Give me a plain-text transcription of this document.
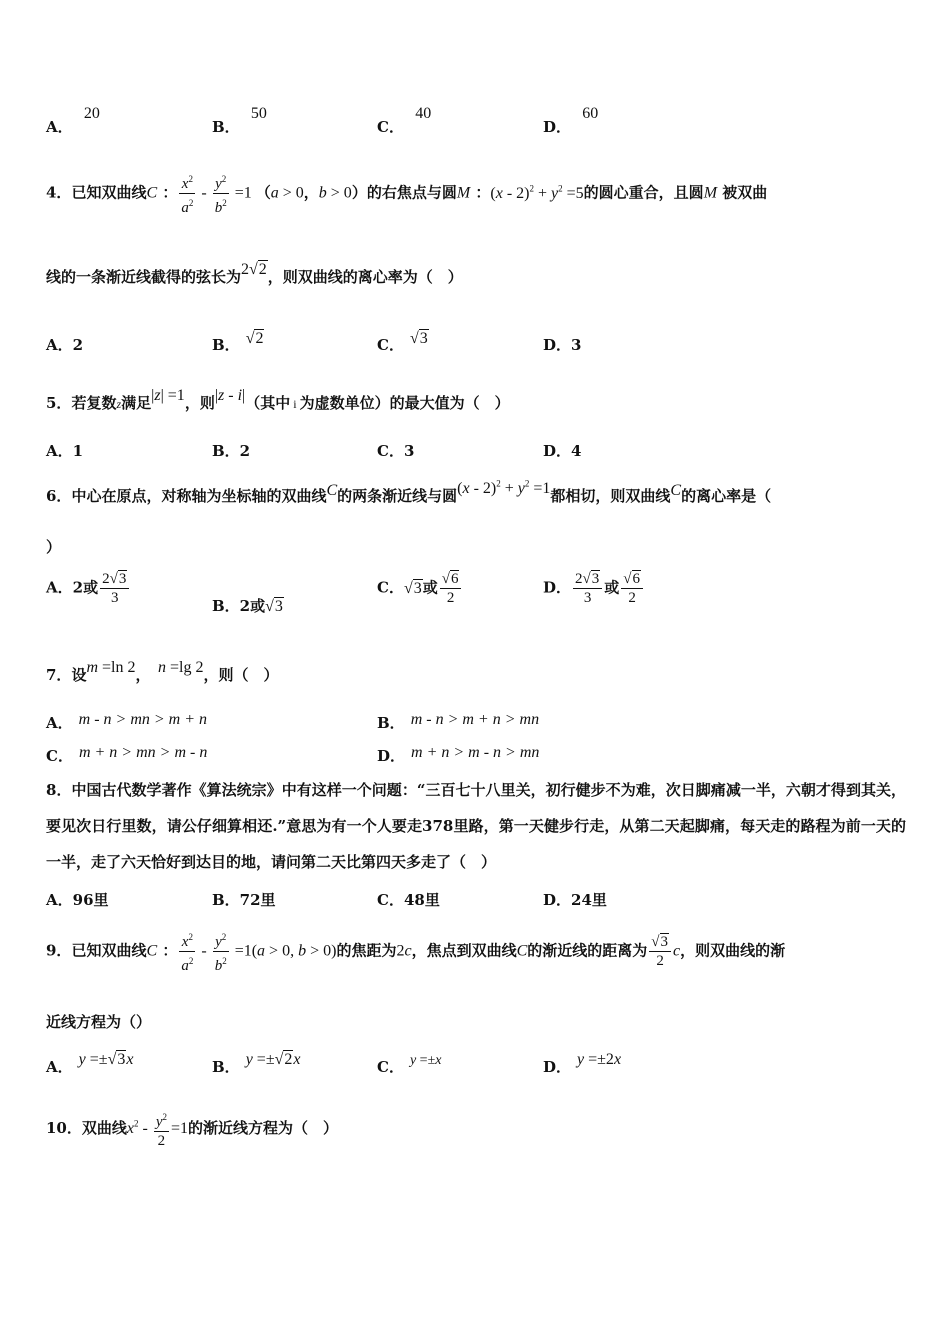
A． 20
B． 50
C． 40
D． 60
4．已知双曲线C ： $\frac{x^2}{a^2} - \frac{y^2}{b^2} =1$ （a > 0，b > 0）的右焦点与圆M ：$(x - 2)^2 + y^2 =5$的圆心重合，且圆M 被双曲
线的一条渐近线截得的弦长为2√2，则双曲线的离心率为（　）
A．2	B． √2	C． √3	D．3
5．若复数z满足|z| =1，则|z - i|（其中 i 为虚数单位）的最大值为（　）
A．1	B．2	C．3	D．4
6．中心在原点，对称轴为坐标轴的双曲线C的两条渐近线与圆$(x - 2)^2 + y^2 =1$都相切，则双曲线C的离心率是（
）
A．2或 $\frac{2√3}{3}$	B．2或√3
C．√3或 $\frac{√6}{2}$	D． $\frac{2√3}{3}$ 或 $\frac{√6}{2}$
7．设m =ln 2，　 n =lg 2，则（　）
A． m - n > mn > m + n	B． m - n > m + n > mn
C． m + n > mn > m - n	D． m + n > m - n > mn
8．中国古代数学著作《算法统宗》中有这样一个问题：“三百七十八里关，初行健步不为难，次日脚痛减一半，六朝才得到其关，要见次日行里数，请公仔细算相还.”意思为有一个人要走378里路，第一天健步行走，从第二天起脚痛，每天走的路程为前一天的一半，走了六天恰好到达目的地，请问第二天比第四天多走了（　）
A．96里	B．72里	C．48里	D．24里
9．已知双曲线C ： $\frac{x^2}{a^2} - \frac{y^2}{b^2} =1(a > 0$, b > 0)的焦距为2c，焦点到双曲线C的渐近线的距离为 $\frac{√3}{2}$ c，则双曲线的渐
近线方程为（）
A． y =±√3x	B． y =±√2x	C． y =±x	D． y =±2x
10．双曲线$x^2 - \frac{y^2}{2} =1$的渐近线方程为（　）
